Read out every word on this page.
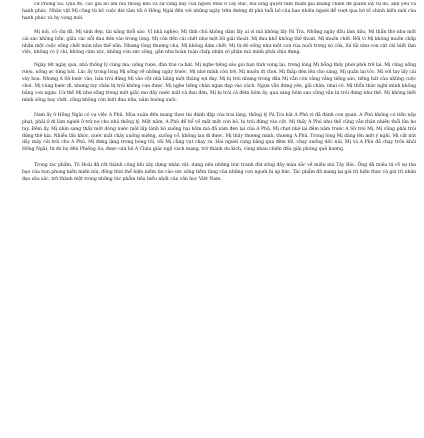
cứ Phồng Sa. Qua đó, các gia nô lên nối thông khô và sự vàng dây của người Mảo ở Tây Bắc, mà lòng quyết tâm tham gia kháng chiến để giành lấy tự do, ánh yêu và hạnh phúc. Nhân vật Mị cũng từ bỏ cuộc đời tăm tối ở Hồng Ngài đến với những ngày trên đường đi phá tuổi bỏ của bao nhiêu người để vượt qua bờ tổ chính kiến mới của hạnh phúc và hy vọng mới.

Mị nói, cô chị đã. Mị sinh đẹp, tài năng thổi sáo. Vì nhà nghèo, Mị tỉnh chủ không dám lấy ai vì mà không lấy Pá Tra. Những ngày đầu làm dâu, Mị thẫn thờ như một cái xác không hồn, giấu các nỗi đau đớn vào trong lòng. Mị còn đến cái chết như một lối giải thoát. Mị đau khổ không thể thoát, Mị muốn chết. Bởi vì Mị không muốn chấp nhận một cuộc sống chết mòn như thế nữa. Nhưng lòng thương cha, Mị không dám chết. Mị từ đó sống như một con rùa nuôi trong xó cửa, lùi lũi như con vật chỉ biết làm việc, không có ý chí, không cảm xúc, không còn sức sống, gần như hoàn toàn chấp nhận số phận mà mình phải chịu đựng.

Ngày tết ngày qua, nhà thống lý cúng ma, uống rượu, đàn trai ca hát. Mị nghe tiếng sáo gọi bạn tình vọng lại, trong lòng Mị bỗng thấy phơi phới trở lại. Mị cũng uống rượu, uống ực từng bát. Lúc ấy trong lòng Mị sống về những ngày trước, Mị nhớ mình còn trẻ, Mị muốn đi chơi. Mị thắp đèn lên cho sáng, Mị quấn lại tóc, Mị với tay lấy cái váy hoa. Nhưng A Sử bước vào, hắn trói đứng Mị vào cột nhà bằng một thúng sợi đay. Mị bị trói nhưng trong đầu Mị vẫn còn văng vẳng tiếng sáo, tiếng hát của những cuộc chơi. Mị vùng bước đi, nhưng tay chân bị trói không cựa được. Mị nghe tiếng chân ngựa đạp vào vách. Ngựa vẫn đứng yên, gãi chân, nhai cỏ. Mị thổn thức nghĩ mình không bằng con ngựa. Cứ thế Mị như sống trong một giấc mơ đầy nước mắt và đau đớn, Mị bị trói cả đêm hôm ấy, qua sáng hôm sau cũng vẫn bị trói đứng như thế. Mị không biết mình sống hay chết, cũng không còn biết đau nữa, nằm buông xuôi.

Nam ấy ở Hồng Ngài có vụ việc A Phủ. Mùa xuân đến mang theo tin đánh đập của trai làng, thống lý Pá Tra bắt A Phủ vì đã đánh con quan. A Phủ không có tiền nộp phạt, phải ở đi làm người ở trừ nợ cho nhà thống lý. Một năm, A Phủ để hổ vồ mất một con bò, bị trói đứng vào cột. Mị thấy A Phủ như thế cũng vẫn thản nhiên thổi lửa hơ tay. Đêm ấy, Mị nhìn sang thấy một dòng nước mắt lấp lánh bò xuống hai hõm má đã xám đen lại của A Phủ. Mị chợt nhớ lại đêm năm trước A Sử trói Mị, Mị cũng phải trói đứng thế kia. Nhiều lần khóc, nước mắt chảy xuống miệng, xuống cổ, không lau đi được. Mị thấy thương mình, thương A Phủ. Trong lòng Mị dâng lên một ý nghĩ, Mị cắt nút dây mây cởi trói cho A Phủ. Mị đứng lặng trong bóng tối, rồi Mị cũng vụt chạy ra. Hai người cùng băng qua đêm tối, chạy xuống dốc núi. Mị và A Phủ đã chạy trốn khỏi Hồng Ngài, từ đó họ đến Phiềng Sa, được cán bộ A Châu giác ngộ cách mạng, trở thành du kích, cùng nhau chiến đấu giải phóng quê hương.

Trong tác phẩm, Tô Hoài đã rất thành công khi xây dựng nhân vật, dựng nên những bức tranh đời sống đầy màu sắc về miền núi Tây Bắc. Ông đã miêu tả rõ sự tàn bạo của bọn phong kiến miền núi, đồng thời thể hiện niềm tin vào sức sống tiềm tàng của những con người bị áp bức. Tác phẩm đã mang lại giá trị hiện thực và giá trị nhân đạo sâu sắc, trở thành một trong những tác phẩm tiêu biểu nhất của văn học Việt Nam.
